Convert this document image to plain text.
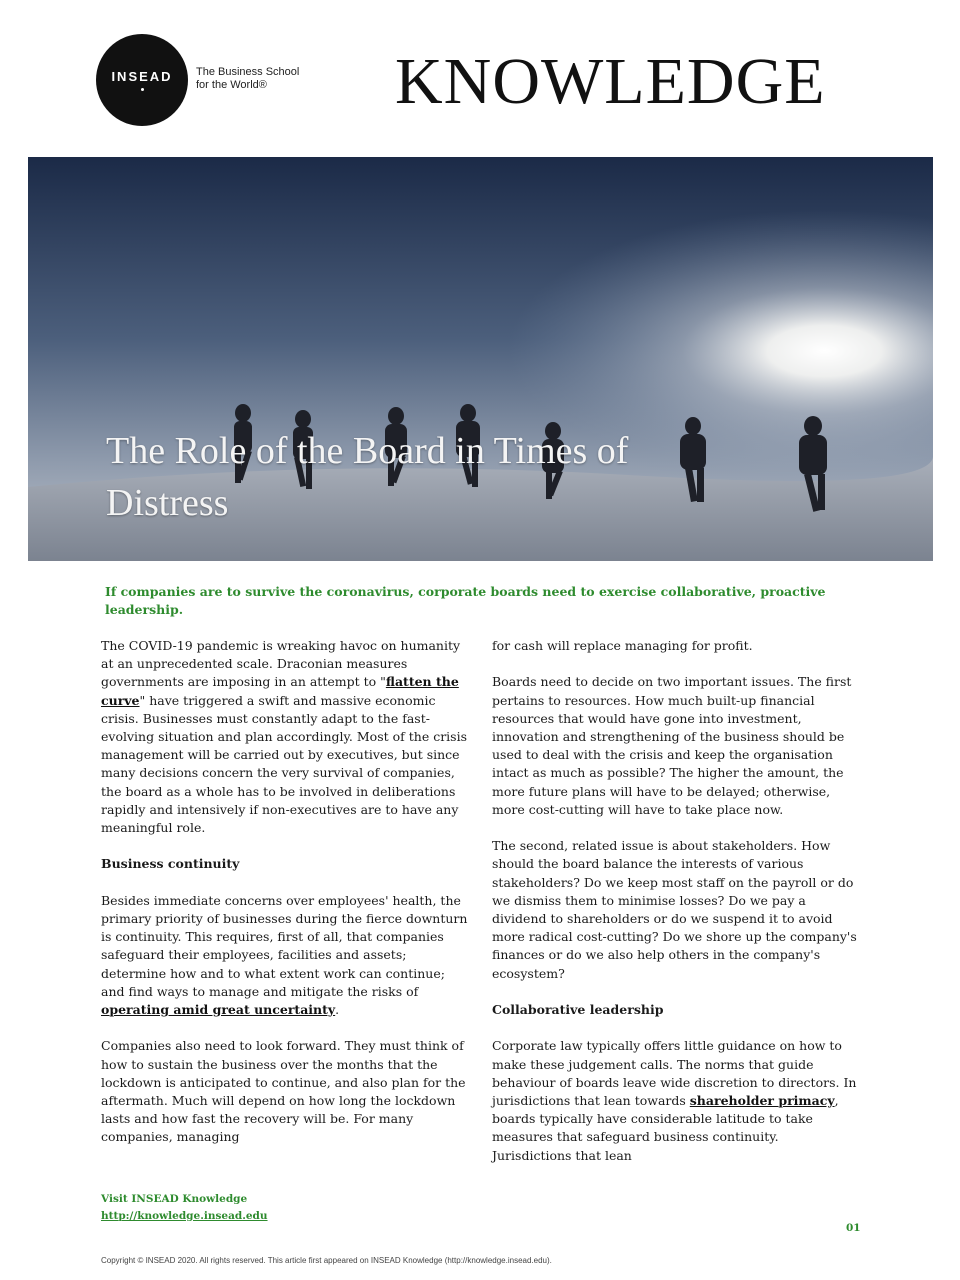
INSEAD The Business School
for the World®	KNOWLEDGE
The Role of the Board in Times of Distress
If companies are to survive the coronavirus, corporate boards need to exercise collaborative, proactive leadership.

The COVID-19 pandemic is wreaking havoc on humanity at an unprecedented scale. Draconian measures governments are imposing in an attempt to "flatten the curve" have triggered a swift and massive economic crisis. Businesses must constantly adapt to the fast-evolving situation and plan accordingly. Most of the crisis management will be carried out by executives, but since many decisions concern the very survival of companies, the board as a whole has to be involved in deliberations rapidly and intensively if non-executives are to have any meaningful role.

Business continuity

Besides immediate concerns over employees' health, the primary priority of businesses during the fierce downturn is continuity. This requires, first of all, that companies safeguard their employees, facilities and assets; determine how and to what extent work can continue; and find ways to manage and mitigate the risks of operating amid great uncertainty.

Companies also need to look forward. They must think of how to sustain the business over the months that the lockdown is anticipated to continue, and also plan for the aftermath. Much will depend on how long the lockdown lasts and how fast the recovery will be. For many companies, managing

for cash will replace managing for profit.

Boards need to decide on two important issues. The first pertains to resources. How much built-up financial resources that would have gone into investment, innovation and strengthening of the business should be used to deal with the crisis and keep the organisation intact as much as possible? The higher the amount, the more future plans will have to be delayed; otherwise, more cost-cutting will have to take place now.

The second, related issue is about stakeholders. How should the board balance the interests of various stakeholders? Do we keep most staff on the payroll or do we dismiss them to minimise losses? Do we pay a dividend to shareholders or do we suspend it to avoid more radical cost-cutting? Do we shore up the company's finances or do we also help others in the company's ecosystem?

Collaborative leadership

Corporate law typically offers little guidance on how to make these judgement calls. The norms that guide behaviour of boards leave wide discretion to directors. In jurisdictions that lean towards shareholder primacy, boards typically have considerable latitude to take measures that safeguard business continuity. Jurisdictions that lean

Visit INSEAD Knowledge
http://knowledge.insead.edu
01
Copyright © INSEAD 2020. All rights reserved. This article first appeared on INSEAD Knowledge (http://knowledge.insead.edu).
